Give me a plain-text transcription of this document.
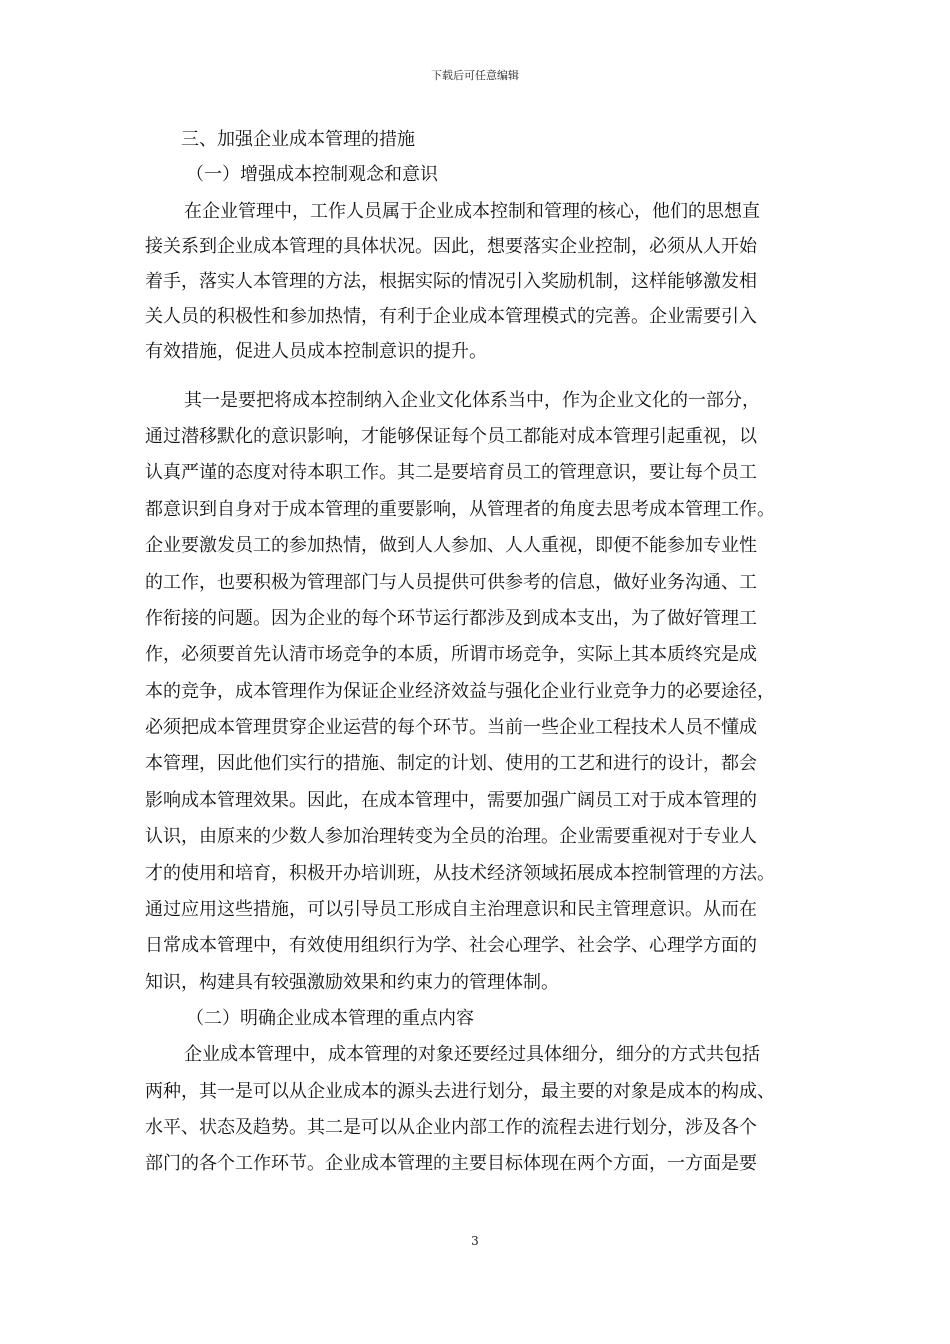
下载后可任意编辑
三、加强企业成本管理的措施
（一）增强成本控制观念和意识
在企业管理中，工作人员属于企业成本控制和管理的核心，他们的思想直
接关系到企业成本管理的具体状况。因此，想要落实企业控制，必须从人开始
着手，落实人本管理的方法，根据实际的情况引入奖励机制，这样能够激发相
关人员的积极性和参加热情，有利于企业成本管理模式的完善。企业需要引入
有效措施，促进人员成本控制意识的提升。
其一是要把将成本控制纳入企业文化体系当中，作为企业文化的一部分，
通过潜移默化的意识影响，才能够保证每个员工都能对成本管理引起重视，以
认真严谨的态度对待本职工作。其二是要培育员工的管理意识，要让每个员工
都意识到自身对于成本管理的重要影响，从管理者的角度去思考成本管理工作。
企业要激发员工的参加热情，做到人人参加、人人重视，即便不能参加专业性
的工作，也要积极为管理部门与人员提供可供参考的信息，做好业务沟通、工
作衔接的问题。因为企业的每个环节运行都涉及到成本支出，为了做好管理工
作，必须要首先认清市场竞争的本质，所谓市场竞争，实际上其本质终究是成
本的竞争，成本管理作为保证企业经济效益与强化企业行业竞争力的必要途径，
必须把成本管理贯穿企业运营的每个环节。当前一些企业工程技术人员不懂成
本管理，因此他们实行的措施、制定的计划、使用的工艺和进行的设计，都会
影响成本管理效果。因此，在成本管理中，需要加强广阔员工对于成本管理的
认识，由原来的少数人参加治理转变为全员的治理。企业需要重视对于专业人
才的使用和培育，积极开办培训班，从技术经济领域拓展成本控制管理的方法。
通过应用这些措施，可以引导员工形成自主治理意识和民主管理意识。从而在
日常成本管理中，有效使用组织行为学、社会心理学、社会学、心理学方面的
知识，构建具有较强激励效果和约束力的管理体制。
（二）明确企业成本管理的重点内容
企业成本管理中，成本管理的对象还要经过具体细分，细分的方式共包括
两种，其一是可以从企业成本的源头去进行划分，最主要的对象是成本的构成、
水平、状态及趋势。其二是可以从企业内部工作的流程去进行划分，涉及各个
部门的各个工作环节。企业成本管理的主要目标体现在两个方面，一方面是要
3
